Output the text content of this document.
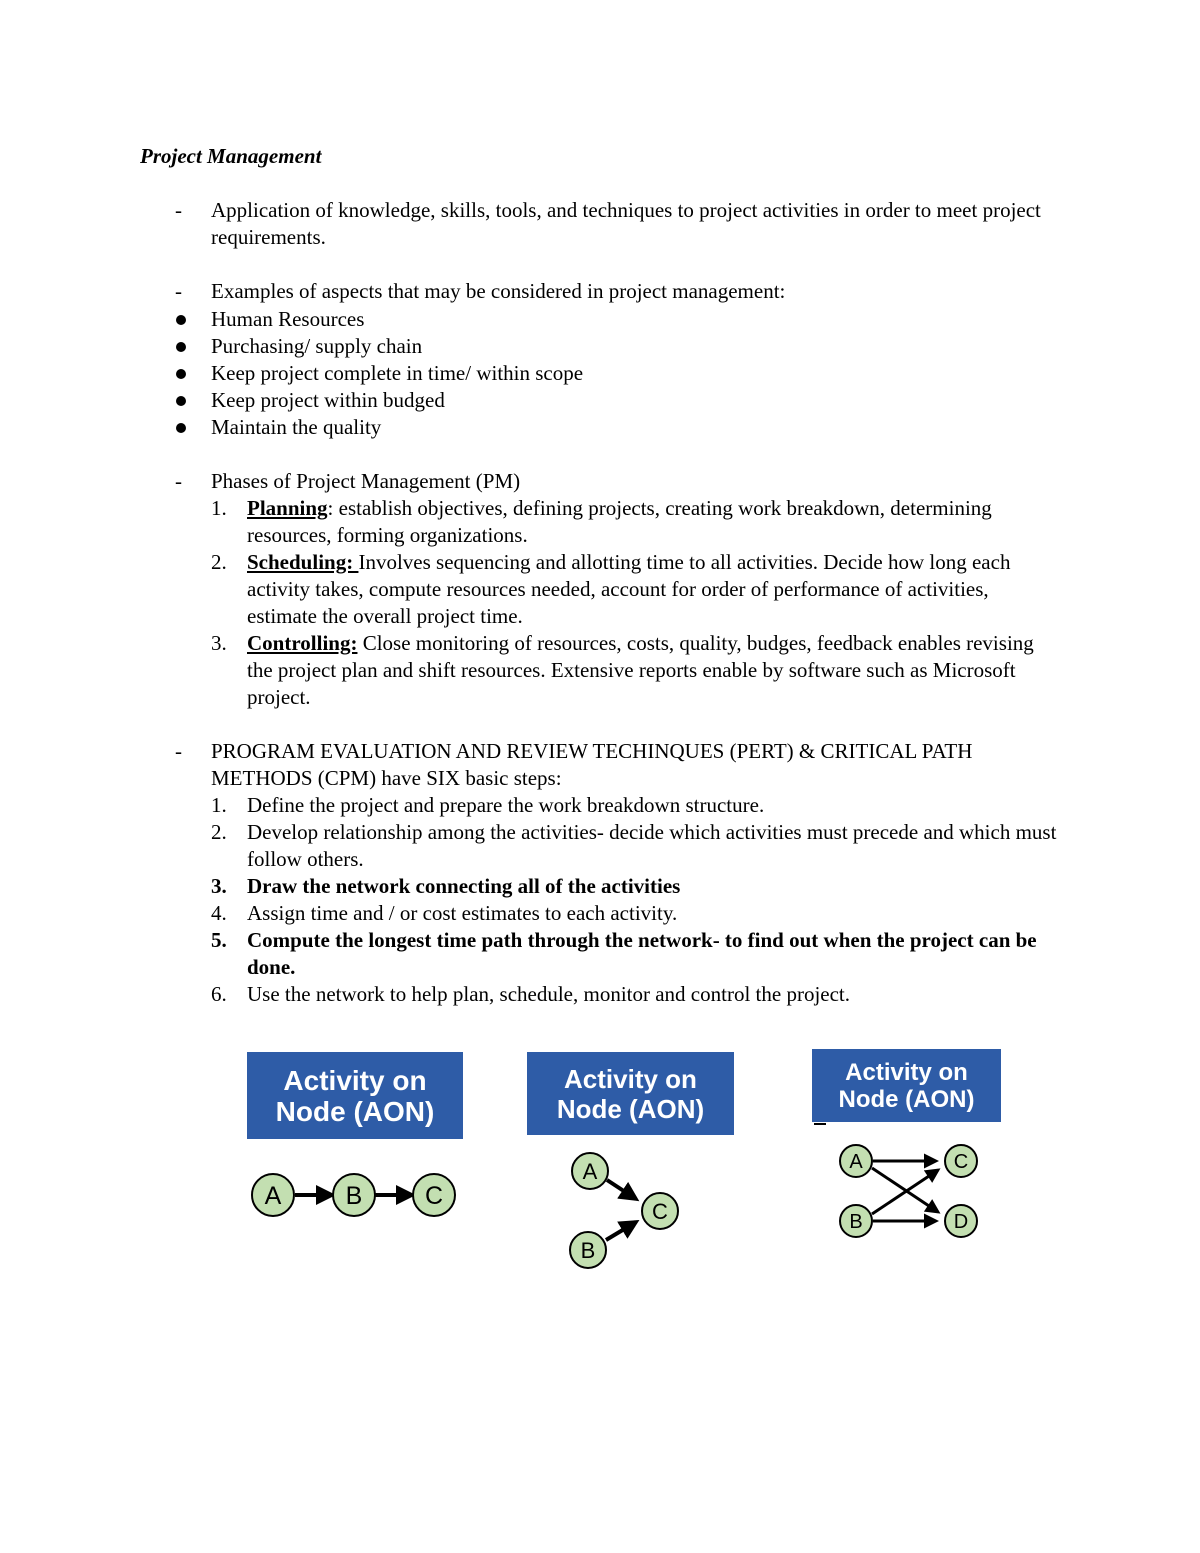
Project Management
- Application of knowledge, skills, tools, and techniques to project activities in order to meet project requirements.
- Examples of aspects that may be considered in project management:
Human Resources
Purchasing/ supply chain
Keep project complete in time/ within scope
Keep project within budged
Maintain the quality
- Phases of Project Management (PM)
1. Planning: establish objectives, defining projects, creating work breakdown, determining resources, forming organizations.
2. Scheduling: Involves sequencing and allotting time to all activities. Decide how long each activity takes, compute resources needed, account for order of performance of activities, estimate the overall project time.
3. Controlling: Close monitoring of resources, costs, quality, budges, feedback enables revising the project plan and shift resources. Extensive reports enable by software such as Microsoft project.
- PROGRAM EVALUATION AND REVIEW TECHINQUES (PERT) & CRITICAL PATH METHODS (CPM) have SIX basic steps:
1. Define the project and prepare the work breakdown structure.
2. Develop relationship among the activities- decide which activities must precede and which must follow others.
3. Draw the network connecting all of the activities
4. Assign time and / or cost estimates to each activity.
5. Compute the longest time path through the network- to find out when the project can be done.
6. Use the network to help plan, schedule, monitor and control the project.
Activity on
Node (AON)
Activity on
Node (AON)
Activity on
Node (AON)
A	B	C
A
B
C
A
B
C
D
